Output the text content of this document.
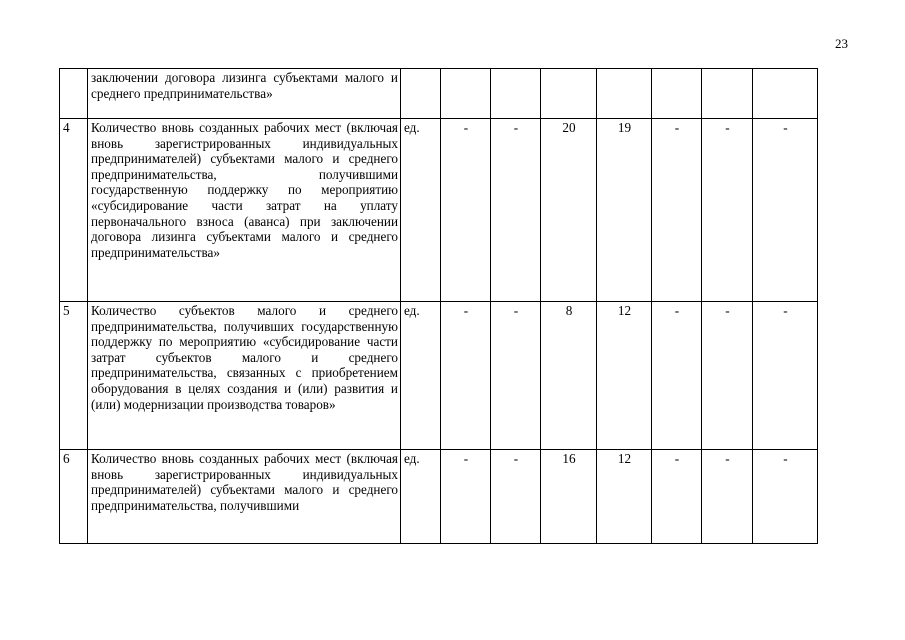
23

	заключении договора лизинга субъектами малого и среднего предпринимательства»								

4	Количество вновь созданных рабочих мест (включая вновь зарегистрированных индивидуальных предпринимателей) субъектами малого и среднего предпринимательства, получившими государственную поддержку по мероприятию «субсидирование части затрат на уплату первоначального взноса (аванса) при заключении договора лизинга субъектами малого и среднего предпринимательства»	ед.	-	-	20	19	-	-	-
5	Количество субъектов малого и среднего предпринимательства, получивших государственную поддержку по мероприятию «субсидирование части затрат субъектов малого и среднего предпринимательства, связанных с приобретением оборудования в целях создания и (или) развития и (или) модернизации производства товаров»	ед.	-	-	8	12	-	-	-
6	Количество вновь созданных рабочих мест (включая вновь зарегистрированных индивидуальных предпринимателей) субъектами малого и среднего предпринимательства, получившими	ед.	-	-	16	12	-	-	-
